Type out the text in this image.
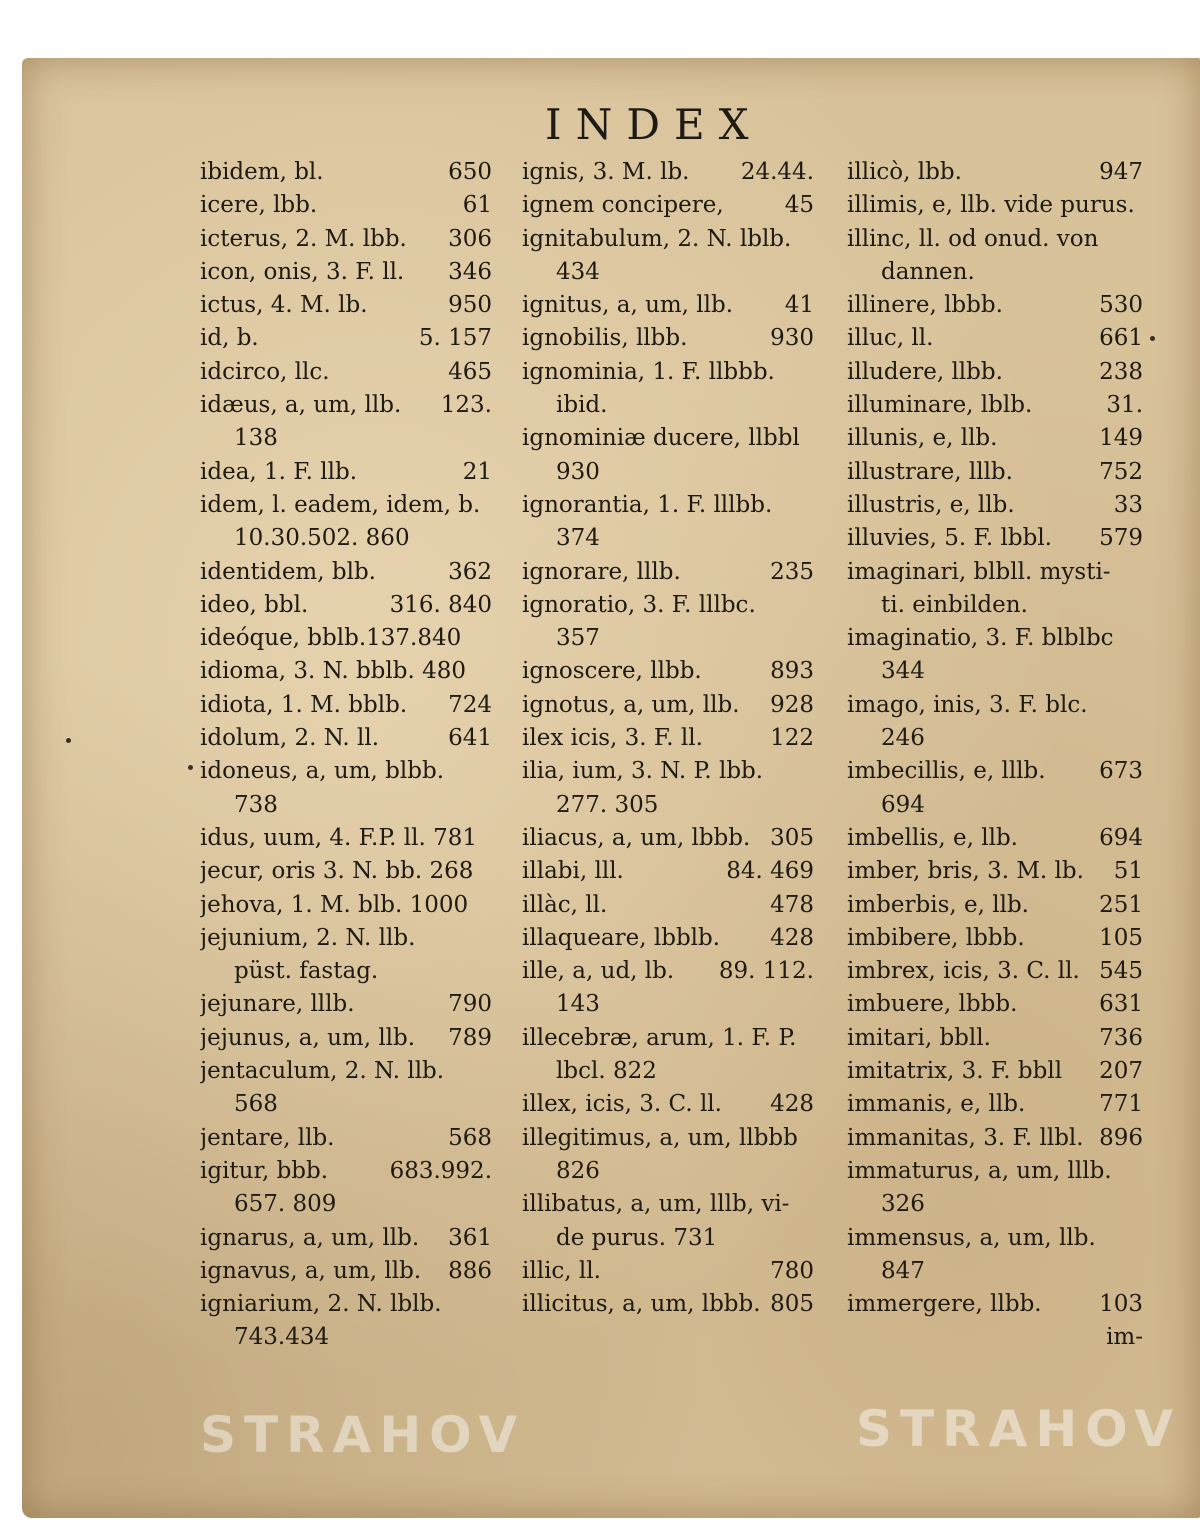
INDEX
650
ibidem, bl.
61
icere, lbb.
306
icterus, 2. M. lbb.
346
icon, onis, 3. F. ll.
950
ictus, 4. M. lb.
5. 157
id, b.
465
idcirco, llc.
123.
idæus, a, um, llb.
138
21
idea, 1. F. llb.
idem, l. eadem, idem, b.
10.30.502. 860
362
identidem, blb.
316. 840
ideo, bbl.
ideóque, bblb.137.840
idioma, 3. N. bblb. 480
724
idiota, 1. M. bblb.
641
idolum, 2. N. ll.
idoneus, a, um, blbb.
738
idus, uum, 4. F.P. ll. 781
jecur, oris 3. N. bb. 268
jehova, 1. M. blb. 1000
jejunium, 2. N. llb.
püst. fastag.
790
jejunare, lllb.
789
jejunus, a, um, llb.
jentaculum, 2. N. llb.
568
568
jentare, llb.
683.992.
igitur, bbb.
657. 809
361
ignarus, a, um, llb.
886
ignavus, a, um, llb.
igniarium, 2. N. lblb.
743.434
24.44.
ignis, 3. M. lb.
45
ignem concipere,
ignitabulum, 2. N. lblb.
434
41
ignitus, a, um, llb.
930
ignobilis, llbb.
ignominia, 1. F. llbbb.
ibid.
ignominiæ ducere, llbbl
930
ignorantia, 1. F. lllbb.
374
235
ignorare, lllb.
ignoratio, 3. F. lllbc.
357
893
ignoscere, llbb.
928
ignotus, a, um, llb.
122
ilex icis, 3. F. ll.
ilia, ium, 3. N. P. lbb.
277. 305
305
iliacus, a, um, lbbb.
84. 469
illabi, lll.
478
illàc, ll.
428
illaqueare, lbblb.
89. 112.
ille, a, ud, lb.
143
illecebræ, arum, 1. F. P.
lbcl. 822
428
illex, icis, 3. C. ll.
illegitimus, a, um, llbbb
826
illibatus, a, um, lllb, vi-
de purus. 731
780
illic, ll.
805
illicitus, a, um, lbbb.
947
illicò, lbb.
illimis, e, llb. vide purus.
illinc, ll. od onud. von
dannen.
530
illinere, lbbb.
661
illuc, ll.
238
illudere, llbb.
31.
illuminare, lblb.
149
illunis, e, llb.
752
illustrare, lllb.
33
illustris, e, llb.
579
illuvies, 5. F. lbbl.
imaginari, blbll. mysti-
ti. einbilden.
imaginatio, 3. F. blblbc
344
imago, inis, 3. F. blc.
246
673
imbecillis, e, lllb.
694
694
imbellis, e, llb.
51
imber, bris, 3. M. lb.
251
imberbis, e, llb.
105
imbibere, lbbb.
545
imbrex, icis, 3. C. ll.
631
imbuere, lbbb.
736
imitari, bbll.
207
imitatrix, 3. F. bbll
771
immanis, e, llb.
896
immanitas, 3. F. llbl.
immaturus, a, um, lllb.
326
immensus, a, um, llb.
847
103
immergere, llbb.
im-
STRAHOV	STRAHOV
